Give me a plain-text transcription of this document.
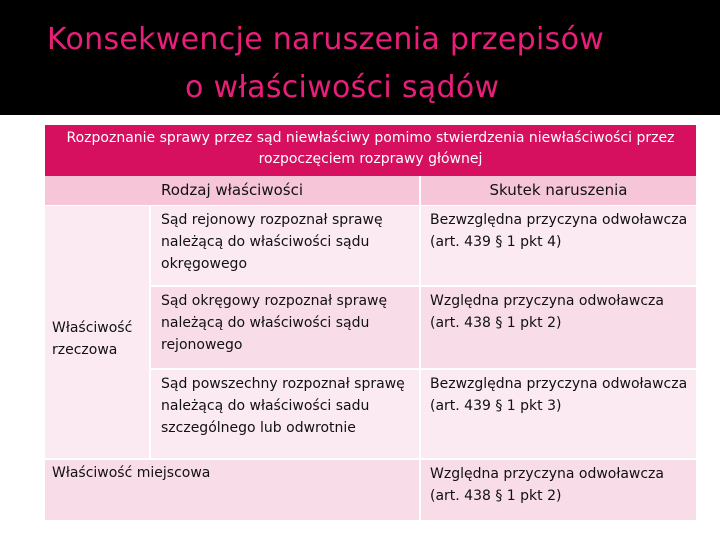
Konsekwencje naruszenia przepisów
o właściwości sądów
Rozpoznanie sprawy przez sąd niewłaściwy pomimo stwierdzenia niewłaściwości przez rozpoczęciem rozprawy głównej
Rodzaj właściwości	Skutek naruszenia
Właściwość rzeczowa
Sąd rejonowy rozpoznał sprawę należącą do właściwości sądu okręgowego
Bezwzględna przyczyna odwoławcza (art. 439 § 1 pkt 4)
Sąd okręgowy rozpoznał sprawę należącą do właściwości sądu rejonowego
Względna przyczyna odwoławcza (art. 438 § 1 pkt 2)
Sąd powszechny rozpoznał sprawę należącą do właściwości sadu szczególnego lub odwrotnie
Bezwzględna przyczyna odwoławcza (art. 439 § 1 pkt 3)
Właściwość miejscowa	Względna przyczyna odwoławcza (art. 438 § 1 pkt 2)
